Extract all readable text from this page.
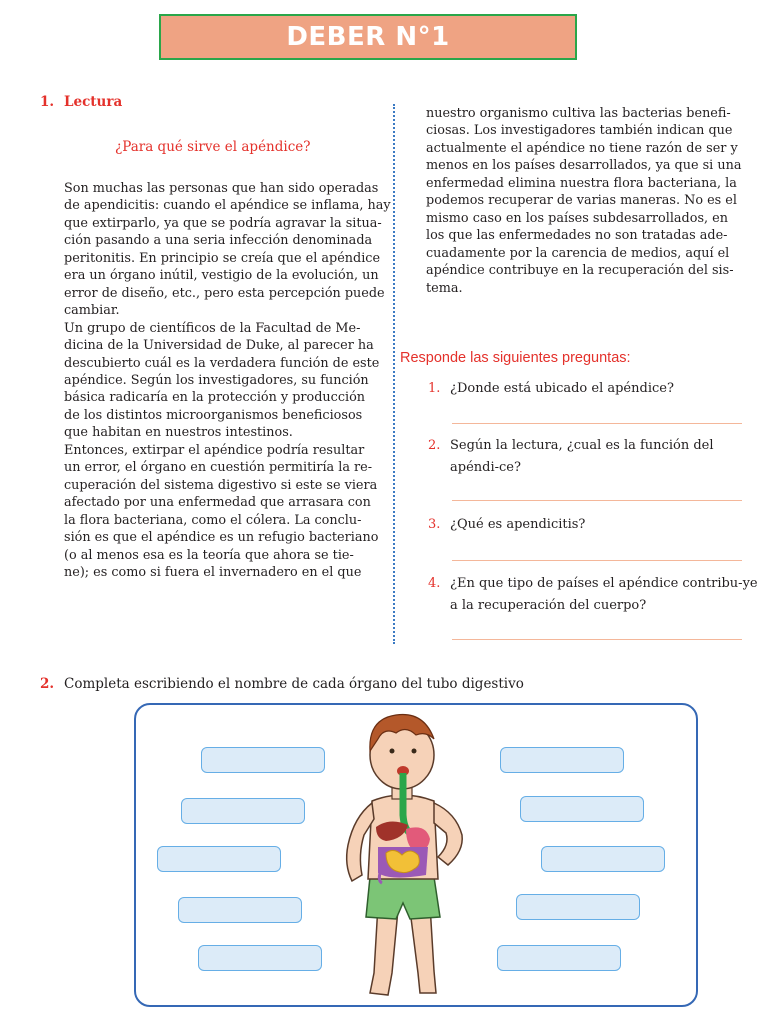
DEBER N°1
1. Lectura
¿Para qué sirve el apéndice?
Son muchas las personas que han sido operadas
de apendicitis: cuando el apéndice se inflama, hay
que extirparlo, ya que se podría agravar la situa-
ción pasando a una seria infección denominada
peritonitis. En principio se creía que el apéndice
era un órgano inútil, vestigio de la evolución, un
error de diseño, etc., pero esta percepción puede
cambiar.
Un grupo de científicos de la Facultad de Me-
dicina de la Universidad de Duke, al parecer ha
descubierto cuál es la verdadera función de este
apéndice. Según los investigadores, su función
básica radicaría en la protección y producción
de los distintos microorganismos beneficiosos
que habitan en nuestros intestinos.
Entonces, extirpar el apéndice podría resultar
un error, el órgano en cuestión permitiría la re-
cuperación del sistema digestivo si este se viera
afectado por una enfermedad que arrasara con
la flora bacteriana, como el cólera. La conclu-
sión es que el apéndice es un refugio bacteriano
(o al menos esa es la teoría que ahora se tie-
ne); es como si fuera el invernadero en el que
nuestro organismo cultiva las bacterias benefi-
ciosas. Los investigadores también indican que
actualmente el apéndice no tiene razón de ser y
menos en los países desarrollados, ya que si una
enfermedad elimina nuestra flora bacteriana, la
podemos recuperar de varias maneras. No es el
mismo caso en los países subdesarrollados, en
los que las enfermedades no son tratadas ade-
cuadamente por la carencia de medios, aquí el
apéndice contribuye en la recuperación del sis-
tema.
Responde las siguientes preguntas:
1. ¿Donde está ubicado el apéndice?
2. Según la lectura, ¿cual es la función del apéndi-ce?
3. ¿Qué es apendicitis?
4. ¿En que tipo de países el apéndice contribu-ye a la recuperación del cuerpo?
2. Completa escribiendo el nombre de cada órgano del tubo digestivo
